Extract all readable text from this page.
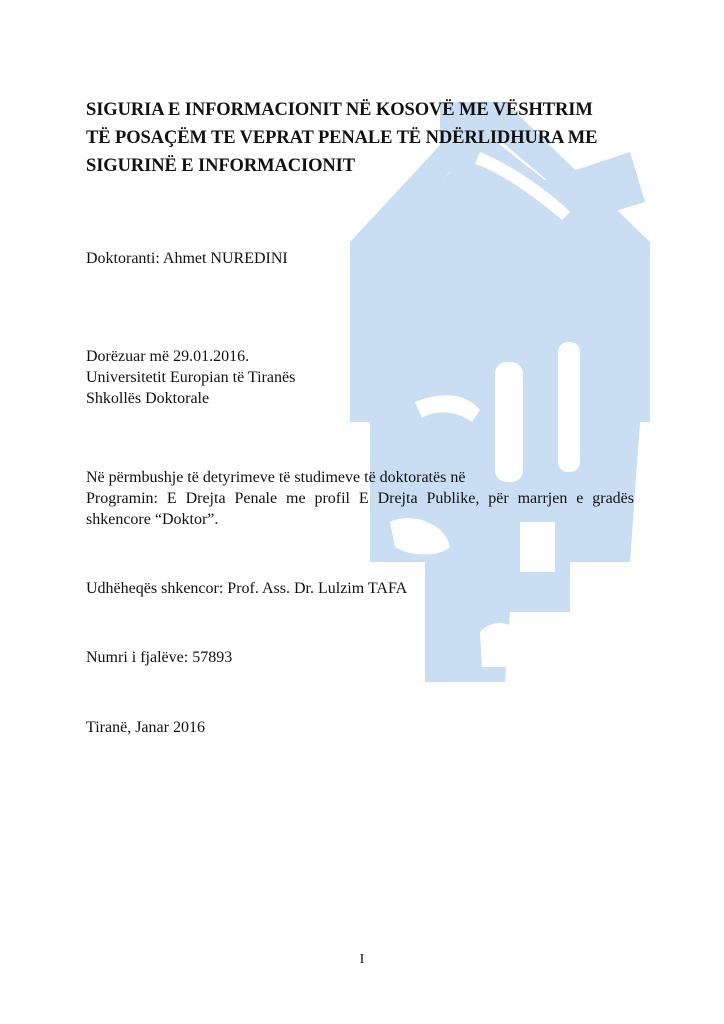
SIGURIA E INFORMACIONIT NË KOSOVË ME VËSHTRIM
TË POSAÇËM TE VEPRAT PENALE TË NDËRLIDHURA ME
SIGURINË E INFORMACIONIT

Doktoranti: Ahmet NUREDINI

Dorëzuar më 29.01.2016.
Universitetit Europian të Tiranës
Shkollës Doktorale
Në përmbushje të detyrimeve të studimeve të doktoratës në
Programin: E Drejta Penale me profil E Drejta Publike, për marrjen e gradës
shkencore “Doktor”.

Udhëheqës shkencor: Prof. Ass. Dr. Lulzim TAFA

Numri i fjalëve: 57893

Tiranë, Janar 2016

I
